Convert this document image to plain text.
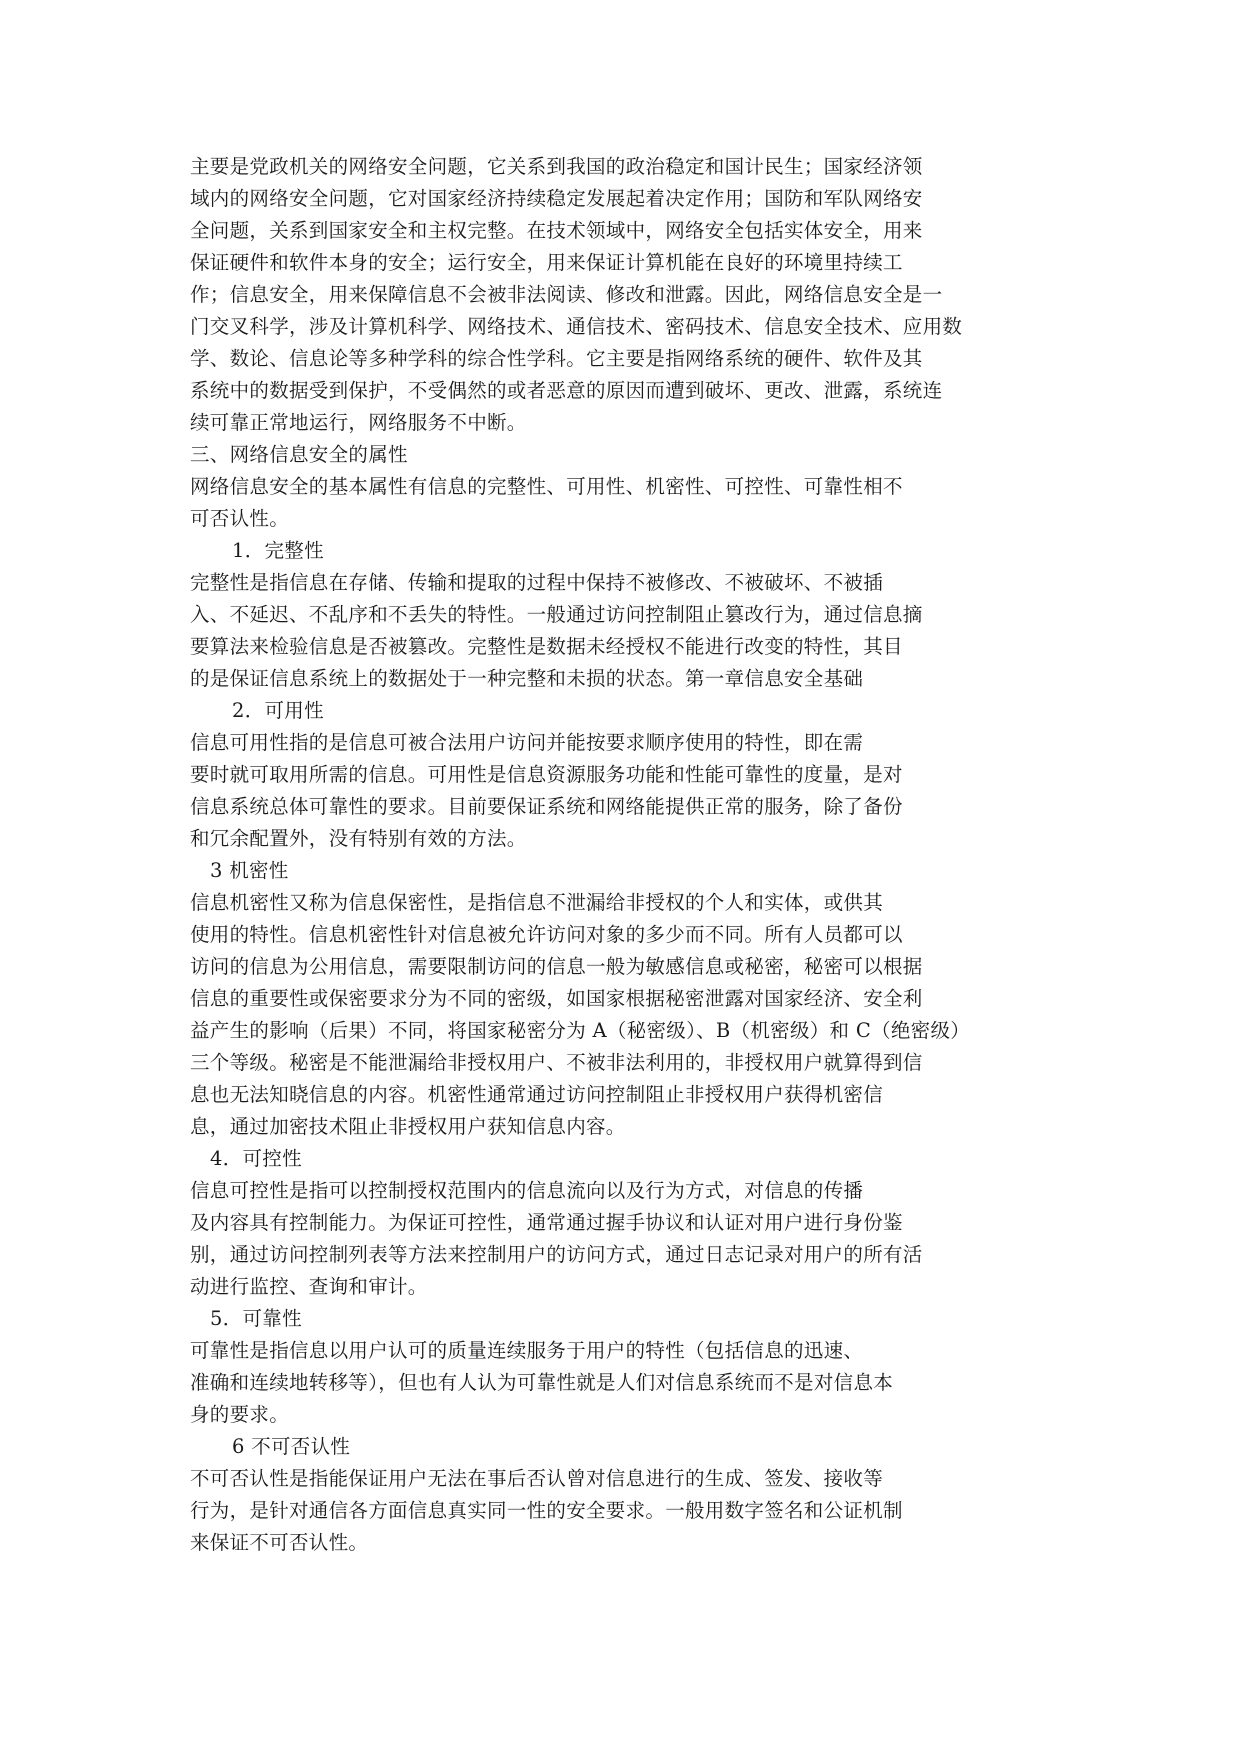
主要是党政机关的网络安全问题，它关系到我国的政治稳定和国计民生；国家经济领
域内的网络安全问题，它对国家经济持续稳定发展起着决定作用；国防和军队网络安
全问题，关系到国家安全和主权完整。在技术领域中，网络安全包括实体安全，用来
保证硬件和软件本身的安全；运行安全，用来保证计算机能在良好的环境里持续工
作；信息安全，用来保障信息不会被非法阅读、修改和泄露。因此，网络信息安全是一
门交叉科学，涉及计算机科学、网络技术、通信技术、密码技术、信息安全技术、应用数
学、数论、信息论等多种学科的综合性学科。它主要是指网络系统的硬件、软件及其
系统中的数据受到保护，不受偶然的或者恶意的原因而遭到破坏、更改、泄露，系统连
续可靠正常地运行，网络服务不中断。
三、网络信息安全的属性
网络信息安全的基本属性有信息的完整性、可用性、机密性、可控性、可靠性相不
可否认性。
1．完整性
完整性是指信息在存储、传输和提取的过程中保持不被修改、不被破坏、不被插
入、不延迟、不乱序和不丢失的特性。一般通过访问控制阻止篡改行为，通过信息摘
要算法来检验信息是否被篡改。完整性是数据未经授权不能进行改变的特性，其目
的是保证信息系统上的数据处于一种完整和未损的状态。第一章信息安全基础
2．可用性
信息可用性指的是信息可被合法用户访问并能按要求顺序使用的特性，即在需
要时就可取用所需的信息。可用性是信息资源服务功能和性能可靠性的度量，是对
信息系统总体可靠性的要求。目前要保证系统和网络能提供正常的服务，除了备份
和冗余配置外，没有特别有效的方法。
3 机密性
信息机密性又称为信息保密性，是指信息不泄漏给非授权的个人和实体，或供其
使用的特性。信息机密性针对信息被允许访问对象的多少而不同。所有人员都可以
访问的信息为公用信息，需要限制访问的信息一般为敏感信息或秘密，秘密可以根据
信息的重要性或保密要求分为不同的密级，如国家根据秘密泄露对国家经济、安全利
益产生的影响（后果）不同，将国家秘密分为 A（秘密级）、B（机密级）和 C（绝密级）
三个等级。秘密是不能泄漏给非授权用户、不被非法利用的，非授权用户就算得到信
息也无法知晓信息的内容。机密性通常通过访问控制阻止非授权用户获得机密信
息，通过加密技术阻止非授权用户获知信息内容。
4．可控性
信息可控性是指可以控制授权范围内的信息流向以及行为方式，对信息的传播
及内容具有控制能力。为保证可控性，通常通过握手协议和认证对用户进行身份鉴
别，通过访问控制列表等方法来控制用户的访问方式，通过日志记录对用户的所有活
动进行监控、查询和审计。
5．可靠性
可靠性是指信息以用户认可的质量连续服务于用户的特性（包括信息的迅速、
准确和连续地转移等），但也有人认为可靠性就是人们对信息系统而不是对信息本
身的要求。
6 不可否认性
不可否认性是指能保证用户无法在事后否认曾对信息进行的生成、签发、接收等
行为，是针对通信各方面信息真实同一性的安全要求。一般用数字签名和公证机制
来保证不可否认性。
